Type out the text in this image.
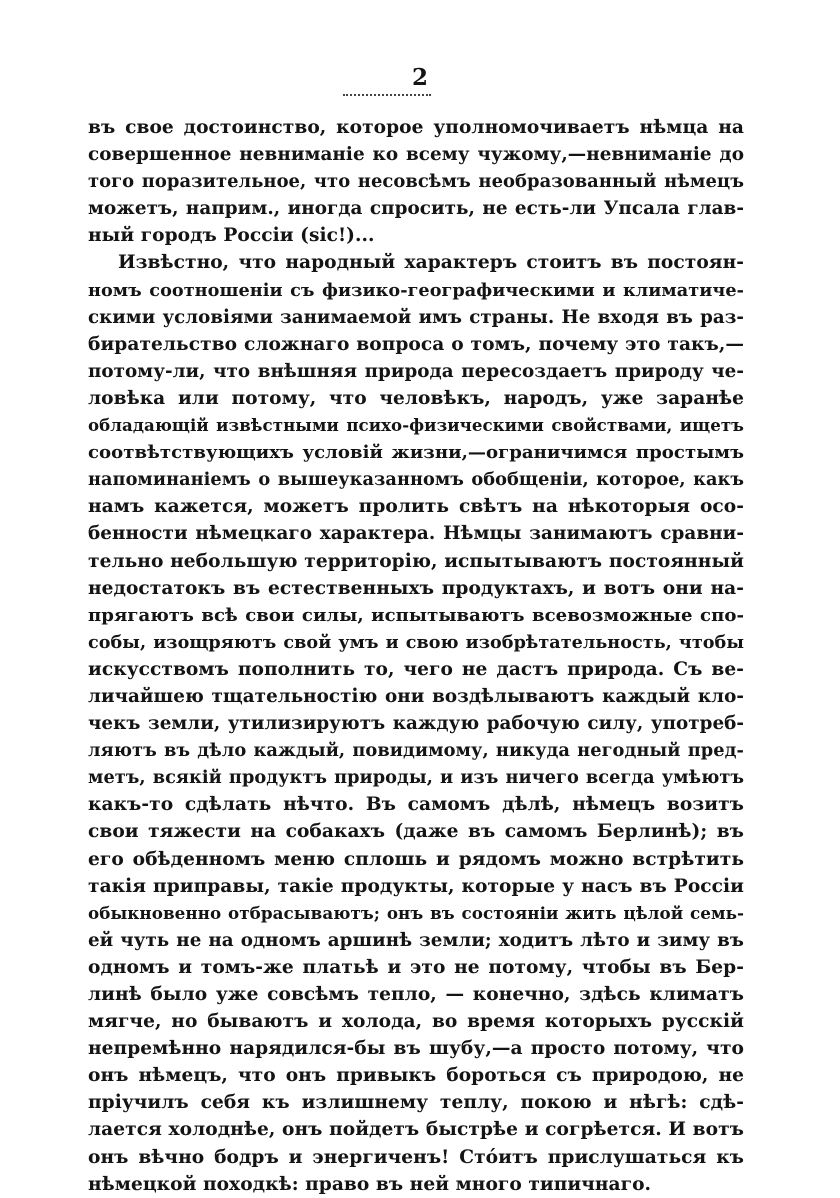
2
въ свое достоинство, которое уполномочиваетъ нѣмца на
совершенное невниманіе ко всему чужому,—невниманіе до
того поразительное, что несовсѣмъ необразованный нѣмецъ
можетъ, наприм., иногда спросить, не есть-ли Упсала глав-
ный городъ Россіи (sic!)...
Извѣстно, что народный характеръ стоитъ въ постоян-
номъ соотношеніи съ физико-географическими и климатиче-
скими условіями занимаемой имъ страны. Не входя въ раз-
бирательство сложнаго вопроса о томъ, почему это такъ,—
потому-ли, что внѣшняя природа пересоздаетъ природу че-
ловѣка или потому, что человѣкъ, народъ, уже заранѣе
обладающій извѣстными психо-физическими свойствами, ищетъ
соотвѣтствующихъ условій жизни,—ограничимся простымъ
напоминаніемъ о вышеуказанномъ обобщеніи, которое, какъ
намъ кажется, можетъ пролить свѣтъ на нѣкоторыя осо-
бенности нѣмецкаго характера. Нѣмцы занимаютъ сравни-
тельно небольшую территорію, испытываютъ постоянный
недостатокъ въ естественныхъ продуктахъ, и вотъ они на-
прягаютъ всѣ свои силы, испытываютъ всевозможные спо-
собы, изощряютъ свой умъ и свою изобрѣтательность, чтобы
искусствомъ пополнить то, чего не дастъ природа. Съ ве-
личайшею тщательностію они воздѣлываютъ каждый кло-
чекъ земли, утилизируютъ каждую рабочую силу, употреб-
ляютъ въ дѣло каждый, повидимому, никуда негодный пред-
метъ, всякій продуктъ природы, и изъ ничего всегда умѣютъ
какъ-то сдѣлать нѣчто. Въ самомъ дѣлѣ, нѣмецъ возитъ
свои тяжести на собакахъ (даже въ самомъ Берлинѣ); въ
его обѣденномъ меню сплошь и рядомъ можно встрѣтить
такія приправы, такіе продукты, которые у насъ въ Россіи
обыкновенно отбрасываютъ; онъ въ состояніи жить цѣлой семь-
ей чуть не на одномъ аршинѣ земли; ходитъ лѣто и зиму въ
одномъ и томъ-же платьѣ и это не потому, чтобы въ Бер-
линѣ было уже совсѣмъ тепло, — конечно, здѣсь климатъ
мягче, но бываютъ и холода, во время которыхъ русскій
непремѣнно нарядился-бы въ шубу,—а просто потому, что
онъ нѣмецъ, что онъ привыкъ бороться съ природою, не
пріучилъ себя къ излишнему теплу, покою и нѣгѣ: сдѣ-
лается холоднѣе, онъ пойдетъ быстрѣе и согрѣется. И вотъ
онъ вѣчно бодръ и энергиченъ! Стóитъ прислушаться къ
нѣмецкой походкѣ: право въ ней много типичнаго.
